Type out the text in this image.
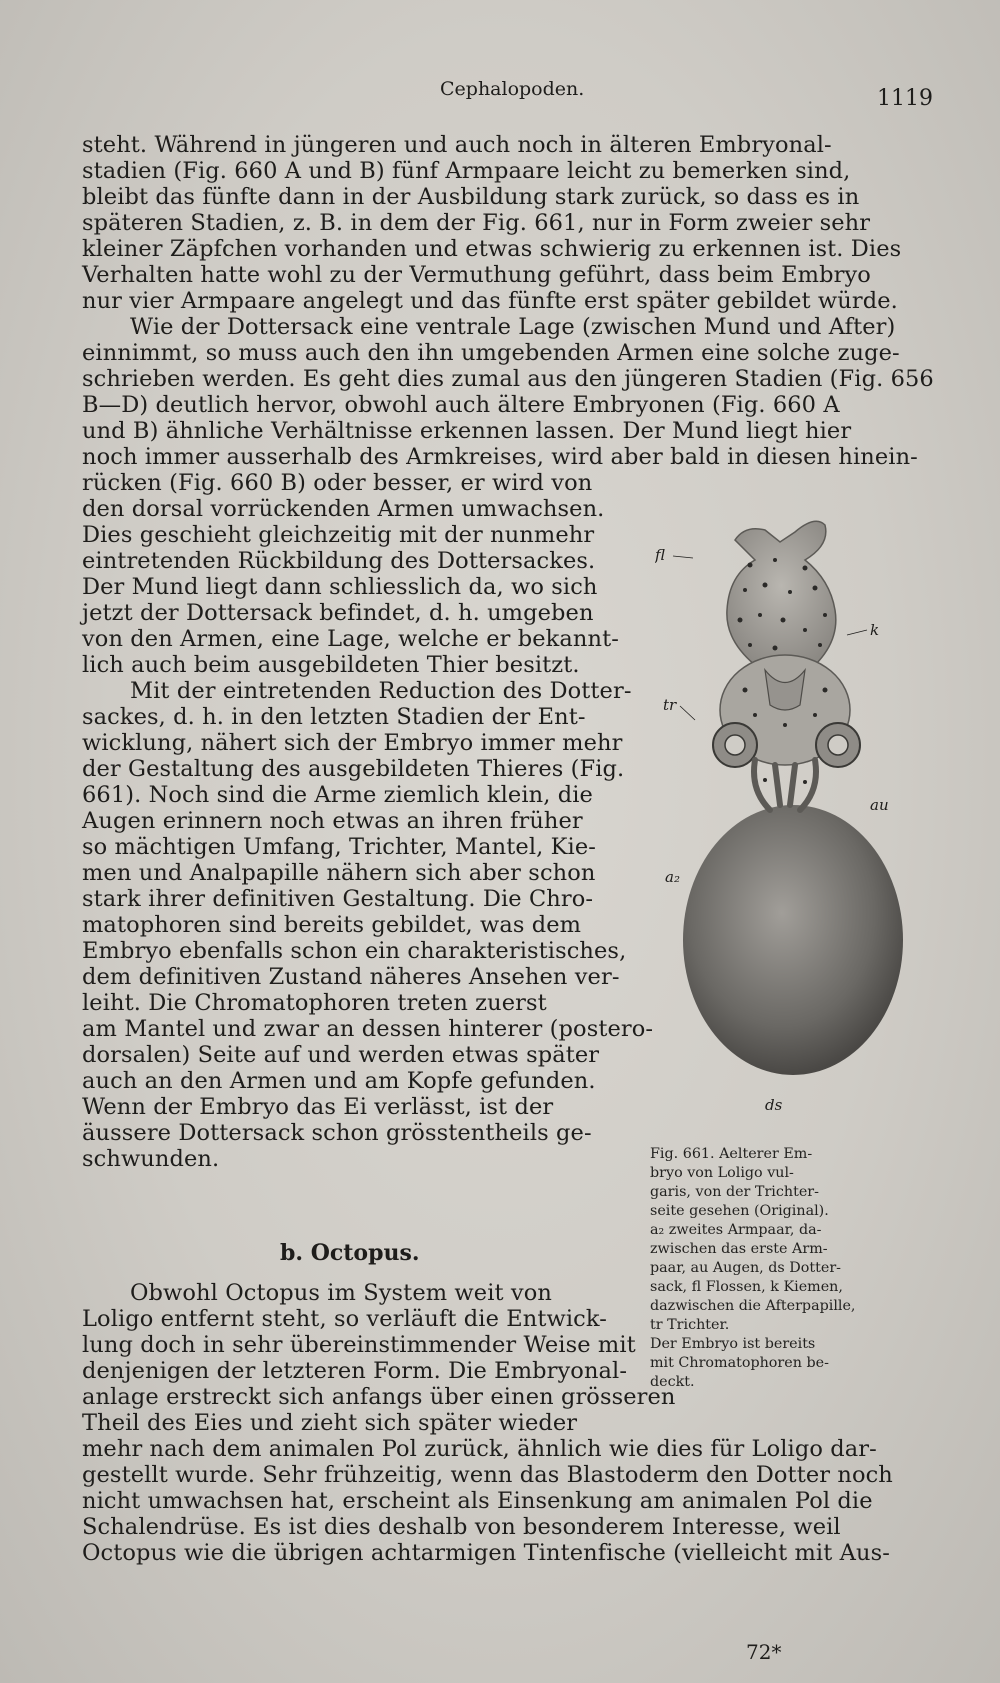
Cephalopoden.	1119
steht. Während in jüngeren und auch noch in älteren Embryonal-
stadien (Fig. 660 A und B) fünf Armpaare leicht zu bemerken sind,
bleibt das fünfte dann in der Ausbildung stark zurück, so dass es in
späteren Stadien, z. B. in dem der Fig. 661, nur in Form zweier sehr
kleiner Zäpfchen vorhanden und etwas schwierig zu erkennen ist. Dies
Verhalten hatte wohl zu der Vermuthung geführt, dass beim Embryo
nur vier Armpaare angelegt und das fünfte erst später gebildet würde.
Wie der Dottersack eine ventrale Lage (zwischen Mund und After)
einnimmt, so muss auch den ihn umgebenden Armen eine solche zuge-
schrieben werden. Es geht dies zumal aus den jüngeren Stadien (Fig. 656
B—D) deutlich hervor, obwohl auch ältere Embryonen (Fig. 660 A
und B) ähnliche Verhältnisse erkennen lassen. Der Mund liegt hier
noch immer ausserhalb des Armkreises, wird aber bald in diesen hinein-
rücken (Fig. 660 B) oder besser, er wird von
den dorsal vorrückenden Armen umwachsen.
Dies geschieht gleichzeitig mit der nunmehr
eintretenden Rückbildung des Dottersackes.
Der Mund liegt dann schliesslich da, wo sich
jetzt der Dottersack befindet, d. h. umgeben
von den Armen, eine Lage, welche er bekannt-
lich auch beim ausgebildeten Thier besitzt.
Mit der eintretenden Reduction des Dotter-
sackes, d. h. in den letzten Stadien der Ent-
wicklung, nähert sich der Embryo immer mehr
der Gestaltung des ausgebildeten Thieres (Fig.
661). Noch sind die Arme ziemlich klein, die
Augen erinnern noch etwas an ihren früher
so mächtigen Umfang, Trichter, Mantel, Kie-
men und Analpapille nähern sich aber schon
stark ihrer definitiven Gestaltung. Die Chro-
matophoren sind bereits gebildet, was dem
Embryo ebenfalls schon ein charakteristisches,
dem definitiven Zustand näheres Ansehen ver-
leiht. Die Chromatophoren treten zuerst
am Mantel und zwar an dessen hinterer (postero-
dorsalen) Seite auf und werden etwas später
auch an den Armen und am Kopfe gefunden.
Wenn der Embryo das Ei verlässt, ist der
äussere Dottersack schon grösstentheils ge-
schwunden.
b. Octopus.
Obwohl Octopus im System weit von
Loligo entfernt steht, so verläuft die Entwick-
lung doch in sehr übereinstimmender Weise mit
denjenigen der letzteren Form. Die Embryonal-
anlage erstreckt sich anfangs über einen grösseren
Theil des Eies und zieht sich später wieder
mehr nach dem animalen Pol zurück, ähnlich wie dies für Loligo dar-
gestellt wurde. Sehr frühzeitig, wenn das Blastoderm den Dotter noch
nicht umwachsen hat, erscheint als Einsenkung am animalen Pol die
Schalendrüse. Es ist dies deshalb von besonderem Interesse, weil
Octopus wie die übrigen achtarmigen Tintenfische (vielleicht mit Aus-
72*
fl
k
tr
au
a₂
ds
Fig. 661. Aelterer Em-
bryo von Loligo vul-
garis, von der Trichter-
seite gesehen (Original).
a₂ zweites Armpaar, da-
zwischen das erste Arm-
paar, au Augen, ds Dotter-
sack, fl Flossen, k Kiemen,
dazwischen die Afterpapille,
tr Trichter.
Der Embryo ist bereits
mit Chromatophoren be-
deckt.
